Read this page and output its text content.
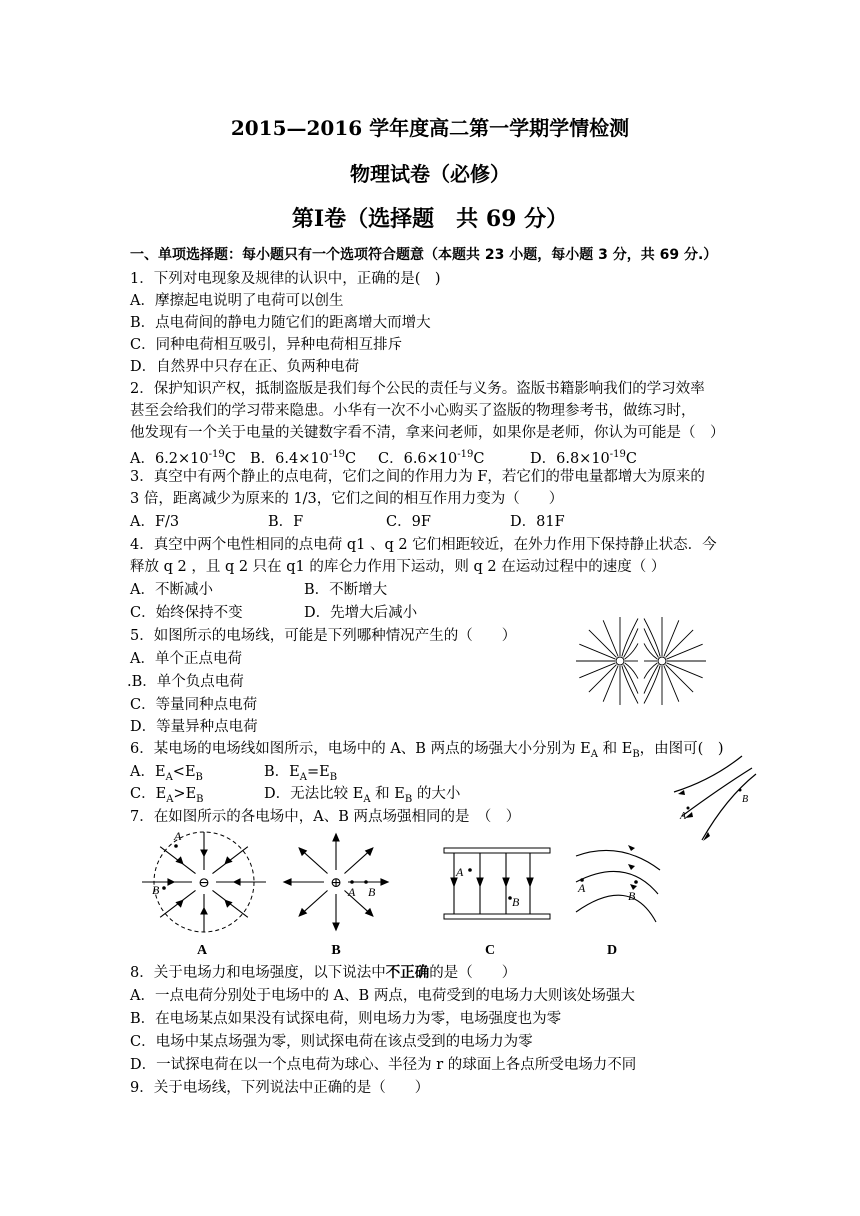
2015—2016 学年度高二第一学期学情检测
物理试卷（必修）
第Ⅰ卷（选择题　共 69 分）
一、单项选择题：每小题只有一个选项符合题意（本题共 23 小题，每小题 3 分，共 69 分.）
1．下列对电现象及规律的认识中，正确的是(　)
A．摩擦起电说明了电荷可以创生
B．点电荷间的静电力随它们的距离增大而增大
C．同种电荷相互吸引，异种电荷相互排斥
D．自然界中只存在正、负两种电荷
2．保护知识产权，抵制盗版是我们每个公民的责任与义务。盗版书籍影响我们的学习效率
甚至会给我们的学习带来隐患。小华有一次不小心购买了盗版的物理参考书，做练习时，
他发现有一个关于电量的关键数字看不清，拿来问老师，如果你是老师，你认为可能是（　）
A．$6.2\times 10^{-19}C$ B．$6.4\times 10^{-19}C$ C．$6.6\times 10^{-19}C$	D．$6.8\times 10^{-19}C$
3．真空中有两个静止的点电荷，它们之间的作用力为 F，若它们的带电量都增大为原来的
3 倍，距离减少为原来的 1/3，它们之间的相互作用力变为（　　）
A．F/3	B．F	C．9F	D．81F
4．真空中两个电性相同的点电荷 q1 、q 2 它们相距较近，在外力作用下保持静止状态．今
释放 q 2 ，且 q 2 只在 q1 的库仑力作用下运动，则 q 2 在运动过程中的速度（ ）
A．不断减小	B．不断增大
C．始终保持不变	D．先增大后减小
5．如图所示的电场线，可能是下列哪种情况产生的（　　）
A．单个正点电荷
.B．单个负点电荷
C．等量同种点电荷
D．等量异种点电荷
6．某电场的电场线如图所示，电场中的 A、B 两点的场强大小分别为 $E_A$ 和 $E_B$，由图可(　)
A．$E_A<E_B$	B．$E_A=E_B$
C．$E_A>E_B$	D．无法比较 $E_A$ 和 $E_B$ 的大小
A
B
7．在如图所示的各电场中，A、B 两点场强相同的是　（　）
⊖
A
B
A
⊕
A B
B
A
B
C
A
B
D
8．关于电场力和电场强度，以下说法中不正确的是（　　）
A．一点电荷分别处于电场中的 A、B 两点，电荷受到的电场力大则该处场强大
B．在电场某点如果没有试探电荷，则电场力为零，电场强度也为零
C．电场中某点场强为零，则试探电荷在该点受到的电场力为零
D．一试探电荷在以一个点电荷为球心、半径为 r 的球面上各点所受电场力不同
9．关于电场线，下列说法中正确的是（　　）
